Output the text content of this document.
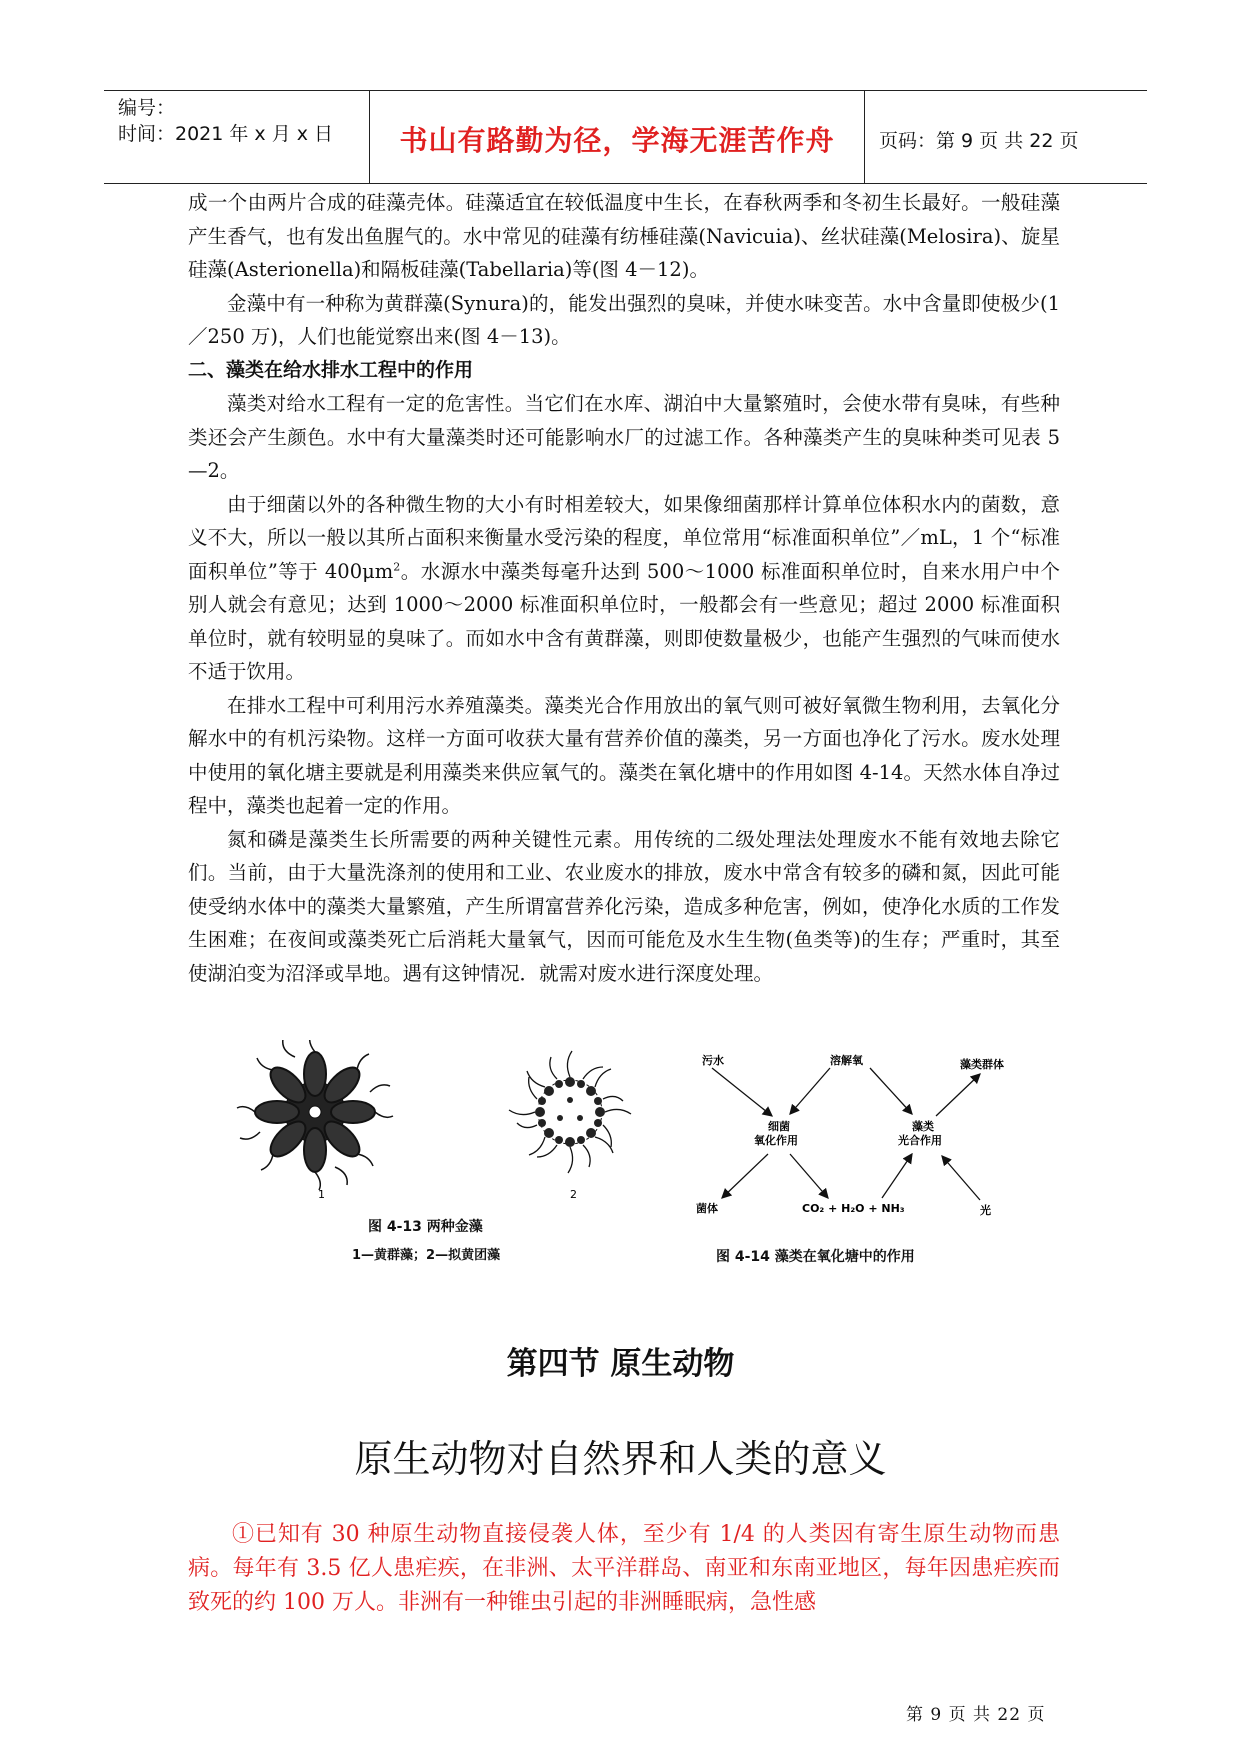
编号：
时间：2021 年 x 月 x 日	书山有路勤为径，学海无涯苦作舟	页码：第 9 页 共 22 页

成一个由两片合成的硅藻壳体。硅藻适宜在较低温度中生长，在春秋两季和冬初生长最好。一般硅藻产生香气，也有发出鱼腥气的。水中常见的硅藻有纺棰硅藻(Navicuia)、丝状硅藻(Melosira)、旋星硅藻(Asterionella)和隔板硅藻(Tabellaria)等(图 4－12)。

金藻中有一种称为黄群藻(Synura)的，能发出强烈的臭味，并使水味变苦。水中含量即使极少(1／250 万)，人们也能觉察出来(图 4－13)。

二、藻类在给水排水工程中的作用

藻类对给水工程有一定的危害性。当它们在水库、湖泊中大量繁殖时，会使水带有臭味，有些种类还会产生颜色。水中有大量藻类时还可能影响水厂的过滤工作。各种藻类产生的臭味种类可见表 5—2。

由于细菌以外的各种微生物的大小有时相差较大，如果像细菌那样计算单位体积水内的菌数，意义不大，所以一般以其所占面积来衡量水受污染的程度，单位常用“标准面积单位”／mL，1 个“标准面积单位”等于 $400\mu m^2$。水源水中藻类每毫升达到 500～1000 标准面积单位时，自来水用户中个别人就会有意见；达到 1000～2000 标准面积单位时，一般都会有一些意见；超过 2000 标准面积单位时，就有较明显的臭味了。而如水中含有黄群藻，则即使数量极少，也能产生强烈的气味而使水不适于饮用。

在排水工程中可利用污水养殖藻类。藻类光合作用放出的氧气则可被好氧微生物利用，去氧化分解水中的有机污染物。这样一方面可收获大量有营养价值的藻类，另一方面也净化了污水。废水处理中使用的氧化塘主要就是利用藻类来供应氧气的。藻类在氧化塘中的作用如图 4-14。天然水体自净过程中，藻类也起着一定的作用。

氮和磷是藻类生长所需要的两种关键性元素。用传统的二级处理法处理废水不能有效地去除它们。当前，由于大量洗涤剂的使用和工业、农业废水的排放，废水中常含有较多的磷和氮，因此可能使受纳水体中的藻类大量繁殖，产生所谓富营养化污染，造成多种危害，例如，使净化水质的工作发生困难；在夜间或藻类死亡后消耗大量氧气，因而可能危及水生生物(鱼类等)的生存；严重时，其至使湖泊变为沼泽或旱地。遇有这钟情况．就需对废水进行深度处理。

1	2
图 4-13 两种金藻
1—黄群藻；2—拟黄团藻
污水	溶解氧	藻类群体
细菌
氧化作用
藻类
光合作用
菌体	CO₂ + H₂O + NH₃	光
图 4-14 藻类在氧化塘中的作用
第四节 原生动物
原生动物对自然界和人类的意义

①已知有 30 种原生动物直接侵袭人体，至少有 1/4 的人类因有寄生原生动物而患病。每年有 3.5 亿人患疟疾，在非洲、太平洋群岛、南亚和东南亚地区，每年因患疟疾而致死的约 100 万人。非洲有一种锥虫引起的非洲睡眠病，急性感

第 9 页 共 22 页
